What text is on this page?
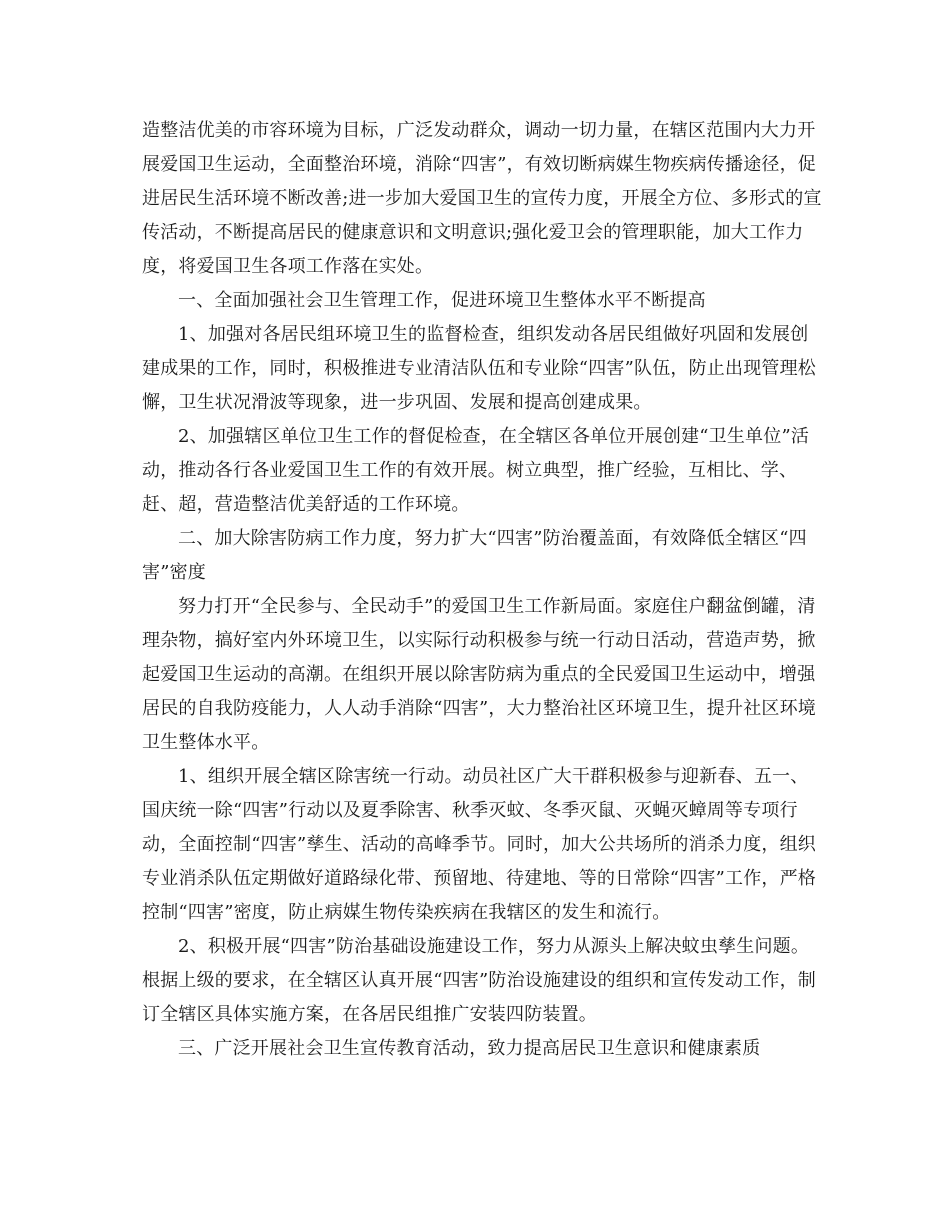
造整洁优美的市容环境为目标，广泛发动群众，调动一切力量，在辖区范围内大力开展爱国卫生运动，全面整治环境，消除“四害”，有效切断病媒生物疾病传播途径，促进居民生活环境不断改善;进一步加大爱国卫生的宣传力度，开展全方位、多形式的宣传活动，不断提高居民的健康意识和文明意识;强化爱卫会的管理职能，加大工作力度，将爱国卫生各项工作落在实处。

一、全面加强社会卫生管理工作，促进环境卫生整体水平不断提高

1、加强对各居民组环境卫生的监督检查，组织发动各居民组做好巩固和发展创建成果的工作，同时，积极推进专业清洁队伍和专业除“四害”队伍，防止出现管理松懈，卫生状况滑波等现象，进一步巩固、发展和提高创建成果。

2、加强辖区单位卫生工作的督促检查，在全辖区各单位开展创建“卫生单位”活动，推动各行各业爱国卫生工作的有效开展。树立典型，推广经验，互相比、学、赶、超，营造整洁优美舒适的工作环境。

二、加大除害防病工作力度，努力扩大“四害”防治覆盖面，有效降低全辖区“四害”密度

努力打开“全民参与、全民动手”的爱国卫生工作新局面。家庭住户翻盆倒罐，清理杂物，搞好室内外环境卫生，以实际行动积极参与统一行动日活动，营造声势，掀起爱国卫生运动的高潮。在组织开展以除害防病为重点的全民爱国卫生运动中，增强居民的自我防疫能力，人人动手消除“四害”，大力整治社区环境卫生，提升社区环境卫生整体水平。

1、组织开展全辖区除害统一行动。动员社区广大干群积极参与迎新春、五一、国庆统一除“四害”行动以及夏季除害、秋季灭蚊、冬季灭鼠、灭蝇灭蟑周等专项行动，全面控制“四害”孳生、活动的高峰季节。同时，加大公共场所的消杀力度，组织专业消杀队伍定期做好道路绿化带、预留地、待建地、等的日常除“四害”工作，严格控制“四害”密度，防止病媒生物传染疾病在我辖区的发生和流行。

2、积极开展“四害”防治基础设施建设工作，努力从源头上解决蚊虫孳生问题。根据上级的要求，在全辖区认真开展“四害”防治设施建设的组织和宣传发动工作，制订全辖区具体实施方案，在各居民组推广安装四防装置。

三、广泛开展社会卫生宣传教育活动，致力提高居民卫生意识和健康素质
